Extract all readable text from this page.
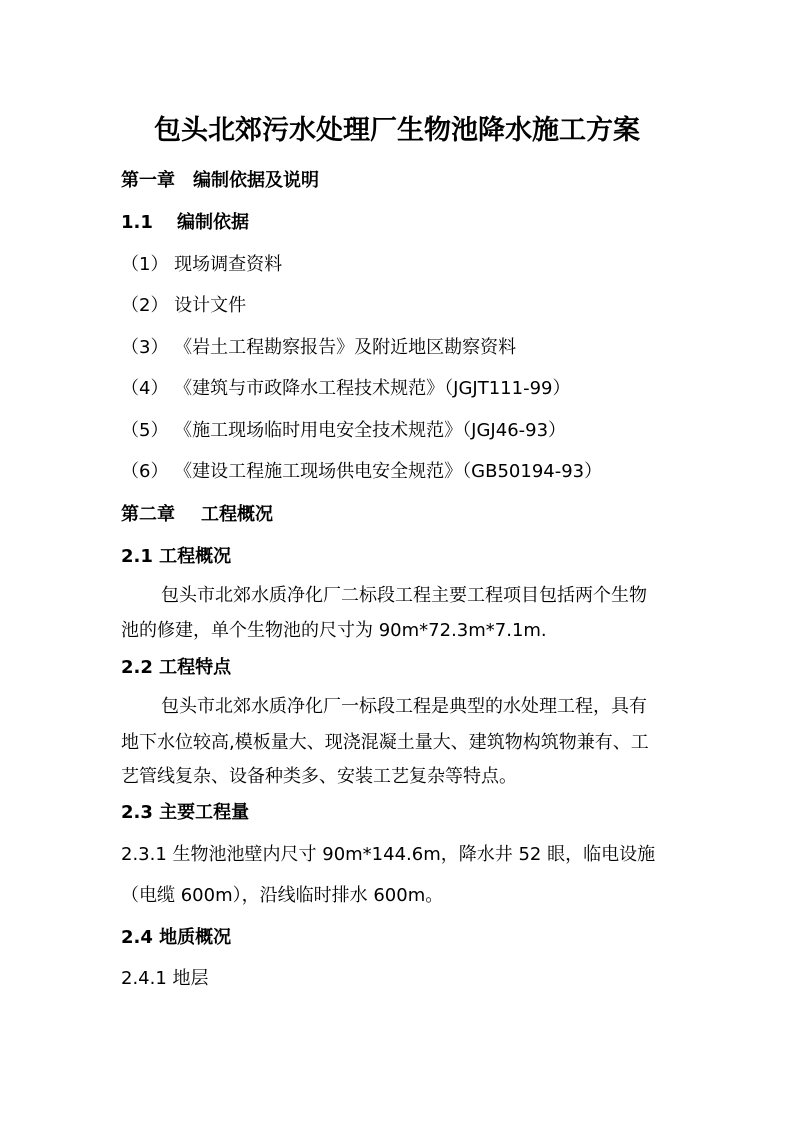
包头北郊污水处理厂生物池降水施工方案
第一章 编制依据及说明
1.1 编制依据
（1） 现场调查资料
（2） 设计文件
（3） 《岩土工程勘察报告》及附近地区勘察资料
（4） 《建筑与市政降水工程技术规范》（JGJT111-99）
（5） 《施工现场临时用电安全技术规范》（JGJ46-93）
（6） 《建设工程施工现场供电安全规范》（GB50194-93）
第二章 工程概况
2.1 工程概况
包头市北郊水质净化厂二标段工程主要工程项目包括两个生物
池的修建，单个生物池的尺寸为 90m*72.3m*7.1m.
2.2 工程特点
包头市北郊水质净化厂一标段工程是典型的水处理工程，具有
地下水位较高,模板量大、现浇混凝土量大、建筑物构筑物兼有、工
艺管线复杂、设备种类多、安装工艺复杂等特点。
2.3 主要工程量
2.3.1 生物池池壁内尺寸 90m*144.6m，降水井 52 眼，临电设施
（电缆 600m），沿线临时排水 600m。
2.4 地质概况
2.4.1 地层
